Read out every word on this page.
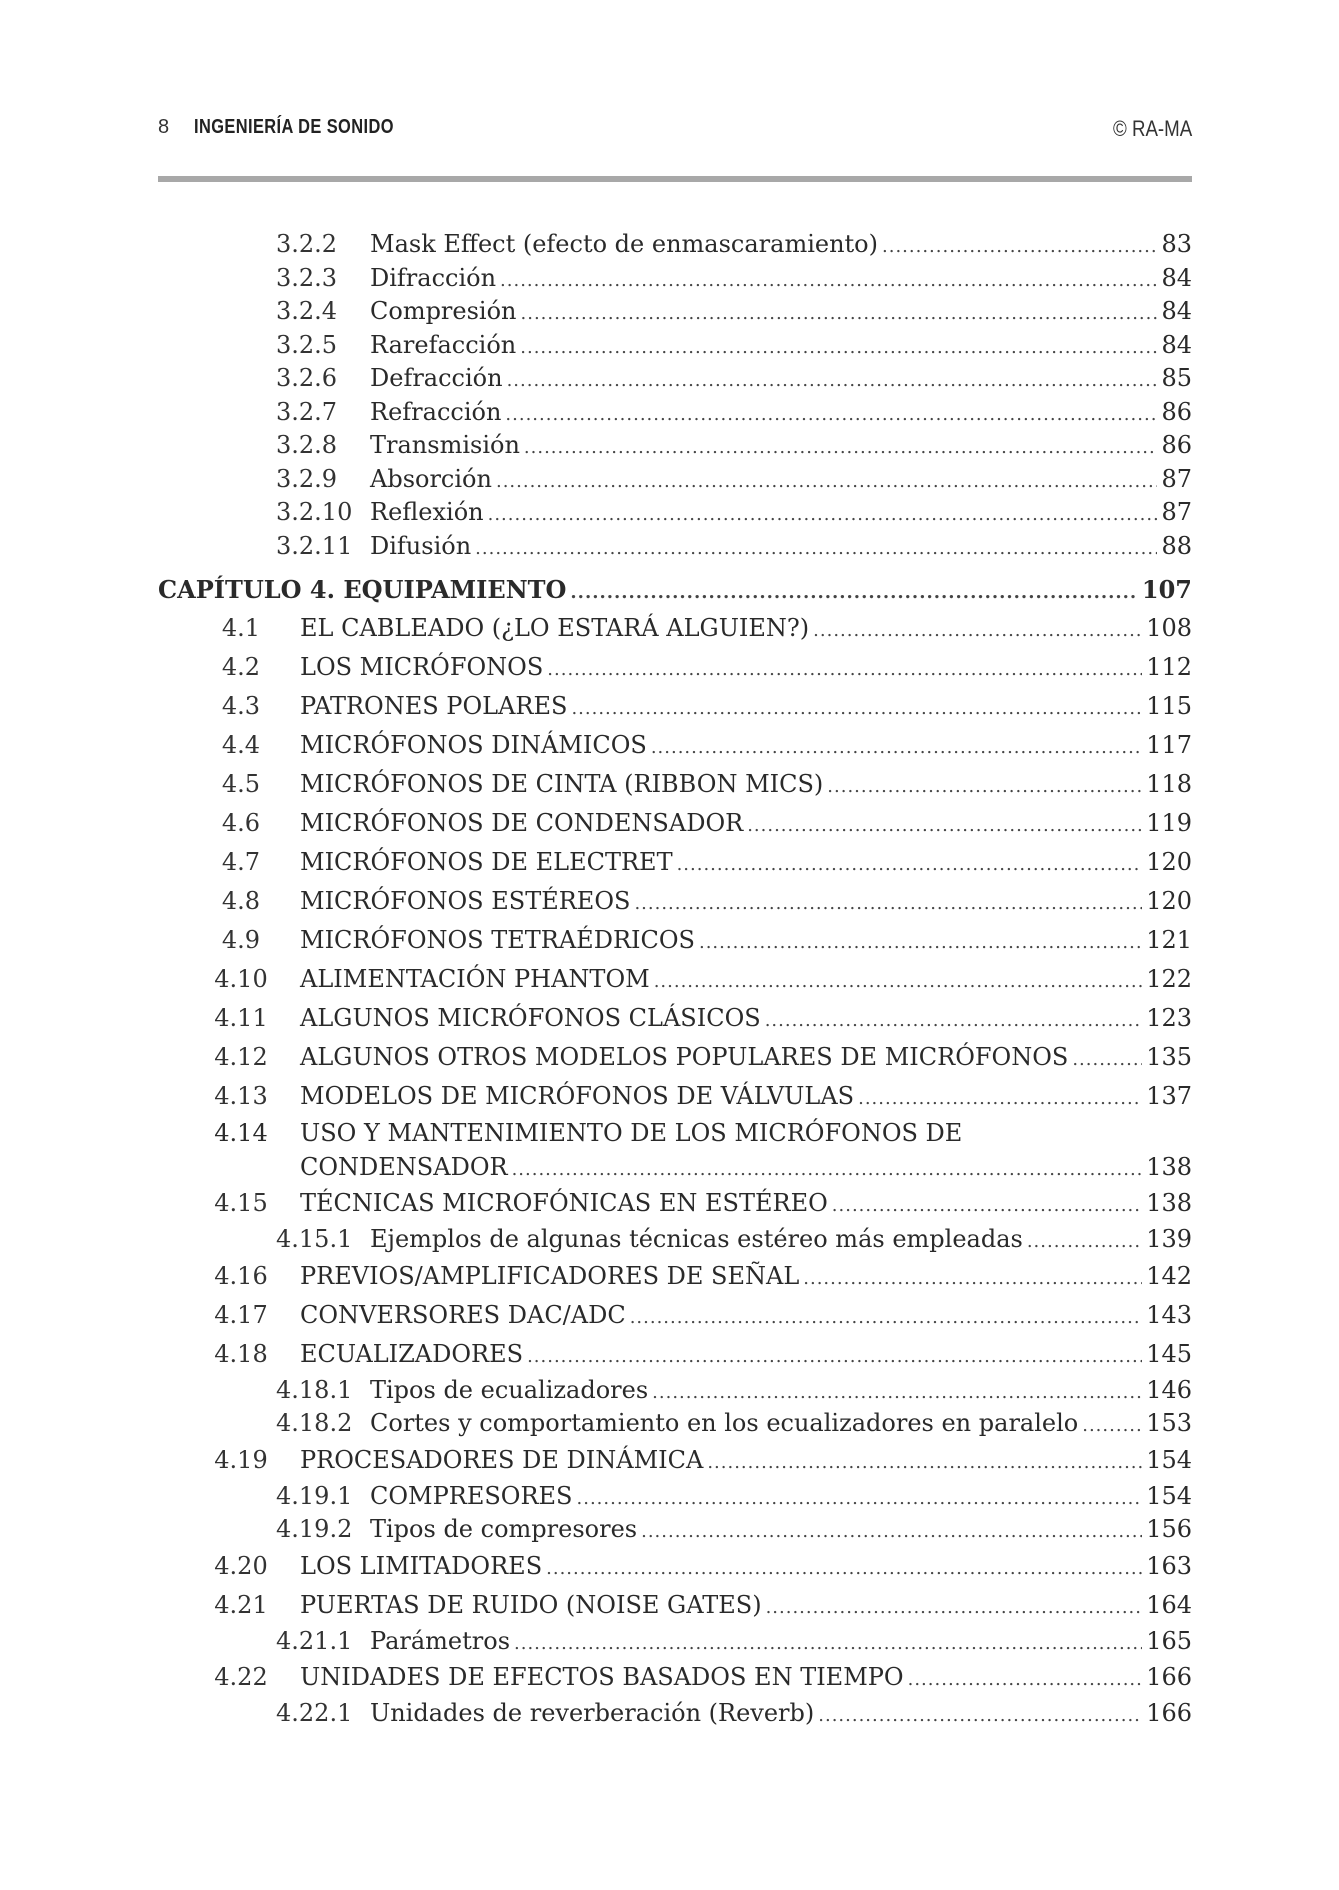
8 INGENIERÍA DE SONIDO	© RA-MA
3.2.2	Mask Effect (efecto de enmascaramiento) .....	83
3.2.3	Difracción .....	84
3.2.4	Compresión .....	84
3.2.5	Rarefacción .....	84
3.2.6	Defracción .....	85
3.2.7	Refracción .....	86
3.2.8	Transmisión .....	86
3.2.9	Absorción .....	87
3.2.10 Reflexión .....	87
3.2.11 Difusión .....	88
CAPÍTULO 4. EQUIPAMIENTO .....	107
4.1	EL CABLEADO (¿LO ESTARÁ ALGUIEN?) .....	108
4.2	LOS MICRÓFONOS .....	112
4.3	PATRONES POLARES .....	115
4.4	MICRÓFONOS DINÁMICOS .....	117
4.5	MICRÓFONOS DE CINTA (RIBBON MICS) .....	118
4.6	MICRÓFONOS DE CONDENSADOR .....	119
4.7	MICRÓFONOS DE ELECTRET .....	120
4.8	MICRÓFONOS ESTÉREOS .....	120
4.9	MICRÓFONOS TETRAÉDRICOS .....	121
4.10	ALIMENTACIÓN PHANTOM .....	122
4.11	ALGUNOS MICRÓFONOS CLÁSICOS .....	123
4.12	ALGUNOS OTROS MODELOS POPULARES DE MICRÓFONOS .....	135
4.13	MODELOS DE MICRÓFONOS DE VÁLVULAS .....	137
4.14	USO Y MANTENIMIENTO DE LOS MICRÓFONOS DE
CONDENSADOR .....	138
4.15	TÉCNICAS MICROFÓNICAS EN ESTÉREO .....	138
4.15.1 Ejemplos de algunas técnicas estéreo más empleadas .....	139
4.16	PREVIOS/AMPLIFICADORES DE SEÑAL .....	142
4.17	CONVERSORES DAC/ADC .....	143
4.18	ECUALIZADORES .....	145
4.18.1 Tipos de ecualizadores .....	146
4.18.2 Cortes y comportamiento en los ecualizadores en paralelo .....	153
4.19	PROCESADORES DE DINÁMICA .....	154
4.19.1 COMPRESORES .....	154
4.19.2 Tipos de compresores .....	156
4.20	LOS LIMITADORES .....	163
4.21	PUERTAS DE RUIDO (NOISE GATES) .....	164
4.21.1 Parámetros .....	165
4.22	UNIDADES DE EFECTOS BASADOS EN TIEMPO .....	166
4.22.1 Unidades de reverberación (Reverb) .....	166
